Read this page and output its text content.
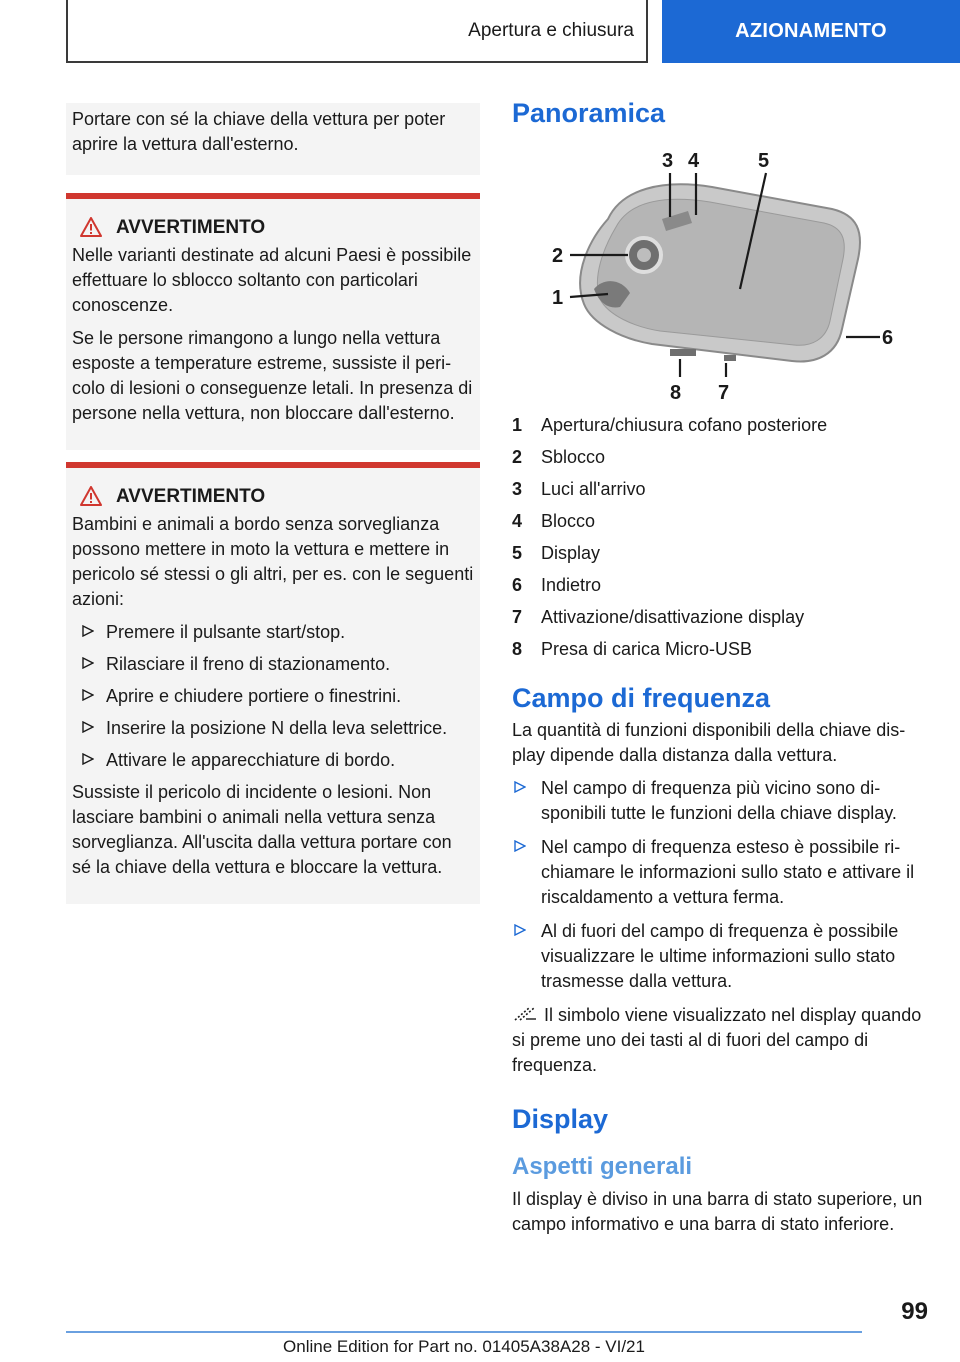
Apertura e chiusura	AZIONAMENTO
Portare con sé la chiave della vettura per poter aprire la vettura dall'esterno.
AVVERTIMENTO

Nelle varianti destinate ad alcuni Paesi è possibile effettuare lo sblocco soltanto con particolari conoscenze.

Se le persone rimangono a lungo nella vettura esposte a temperature estreme, sussiste il pericolo di lesioni o conseguenze letali. In presenza di persone nella vettura, non bloccare dall'esterno.

AVVERTIMENTO

Bambini e animali a bordo senza sorveglianza possono mettere in moto la vettura e mettere in pericolo sé stessi o gli altri, per es. con le seguenti azioni:

Premere il pulsante start/stop.
Rilasciare il freno di stazionamento.
Aprire e chiudere portiere o finestrini.
Inserire la posizione N della leva selettrice.
Attivare le apparecchiature di bordo.

Sussiste il pericolo di incidente o lesioni. Non lasciare bambini o animali nella vettura senza sorveglianza. All'uscita dalla vettura portare con sé la chiave della vettura e bloccare la vettura.

Panoramica
1
2
3 4	5
6
7
8
1	Apertura/chiusura cofano posteriore
2	Sblocco
3	Luci all'arrivo
4	Blocco
5	Display
6	Indietro
7	Attivazione/disattivazione display
8	Presa di carica Micro-USB
Campo di frequenza
La quantità di funzioni disponibili della chiave display dipende dalla distanza dalla vettura.
Nel campo di frequenza più vicino sono disponibili tutte le funzioni della chiave display.
Nel campo di frequenza esteso è possibile richiamare le informazioni sullo stato e attivare il riscaldamento a vettura ferma.
Al di fuori del campo di frequenza è possibile visualizzare le ultime informazioni sullo stato trasmesse dalla vettura.
Il simbolo viene visualizzato nel display quando si preme uno dei tasti al di fuori del campo di frequenza.
Display
Aspetti generali
Il display è diviso in una barra di stato superiore, un campo informativo e una barra di stato inferiore.
99
Online Edition for Part no. 01405A38A28 - VI/21
